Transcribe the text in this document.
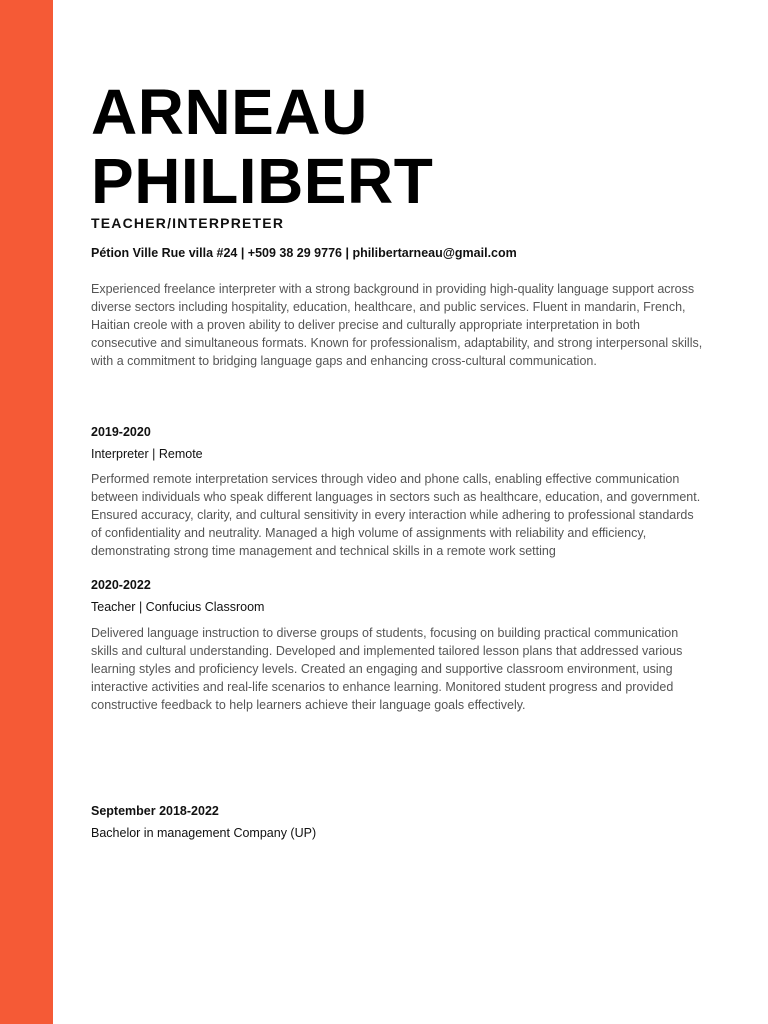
ARNEAU
PHILIBERT

TEACHER/INTERPRETER

Pétion Ville Rue villa #24 | +509 38 29 9776 | philibertarneau@gmail.com

Experienced freelance interpreter with a strong background in providing high-quality language support across diverse sectors including hospitality, education, healthcare, and public services. Fluent in mandarin, French, Haitian creole with a proven ability to deliver precise and culturally appropriate interpretation in both consecutive and simultaneous formats. Known for professionalism, adaptability, and strong interpersonal skills, with a commitment to bridging language gaps and enhancing cross-cultural communication.

2019-2020

Interpreter | Remote

Performed remote interpretation services through video and phone calls, enabling effective communication between individuals who speak different languages in sectors such as healthcare, education, and government. Ensured accuracy, clarity, and cultural sensitivity in every interaction while adhering to professional standards of confidentiality and neutrality. Managed a high volume of assignments with reliability and efficiency, demonstrating strong time management and technical skills in a remote work setting

2020-2022

Teacher | Confucius Classroom

Delivered language instruction to diverse groups of students, focusing on building practical communication skills and cultural understanding. Developed and implemented tailored lesson plans that addressed various learning styles and proficiency levels. Created an engaging and supportive classroom environment, using interactive activities and real-life scenarios to enhance learning. Monitored student progress and provided constructive feedback to help learners achieve their language goals effectively.

September 2018-2022

Bachelor in management Company (UP)
